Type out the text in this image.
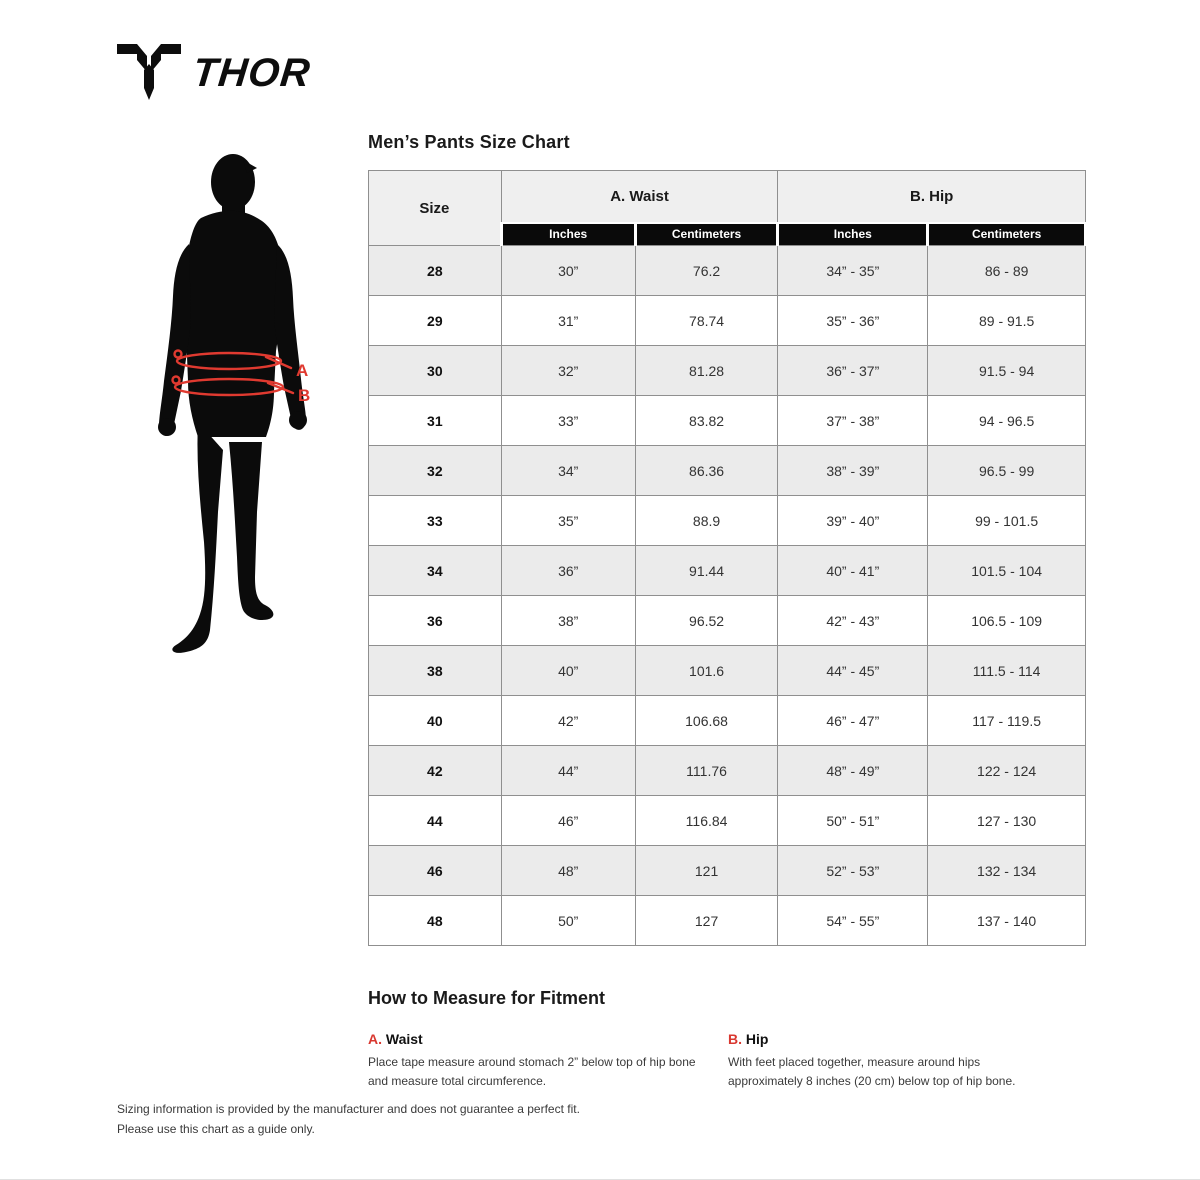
THOR
Men’s Pants Size Chart
A
B
Size	A. Waist		B. Hip	
	Inches	Centimeters	Inches	Centimeters
28	30”	76.2	34” - 35”	86 - 89
29	31”	78.74	35” - 36”	89 - 91.5
30	32”	81.28	36” - 37”	91.5 - 94
31	33”	83.82	37” - 38”	94 - 96.5
32	34”	86.36	38” - 39”	96.5 - 99
33	35”	88.9	39” - 40”	99 - 101.5
34	36”	91.44	40” - 41”	101.5 - 104
36	38”	96.52	42” - 43”	106.5 - 109
38	40”	101.6	44” - 45”	111.5 - 114
40	42”	106.68	46” - 47”	117 - 119.5
42	44”	111.76	48” - 49”	122 - 124
44	46”	116.84	50” - 51”	127 - 130
46	48”	121	52” - 53”	132 - 134
48	50”	127	54” - 55”	137 - 140
How to Measure for Fitment
A. Waist

Place tape measure around stomach 2” below top of hip bone and measure total circumference.

B. Hip

With feet placed together, measure around hips approximately 8 inches (20 cm) below top of hip bone.

Sizing information is provided by the manufacturer and does not guarantee a perfect fit.
Please use this chart as a guide only.
